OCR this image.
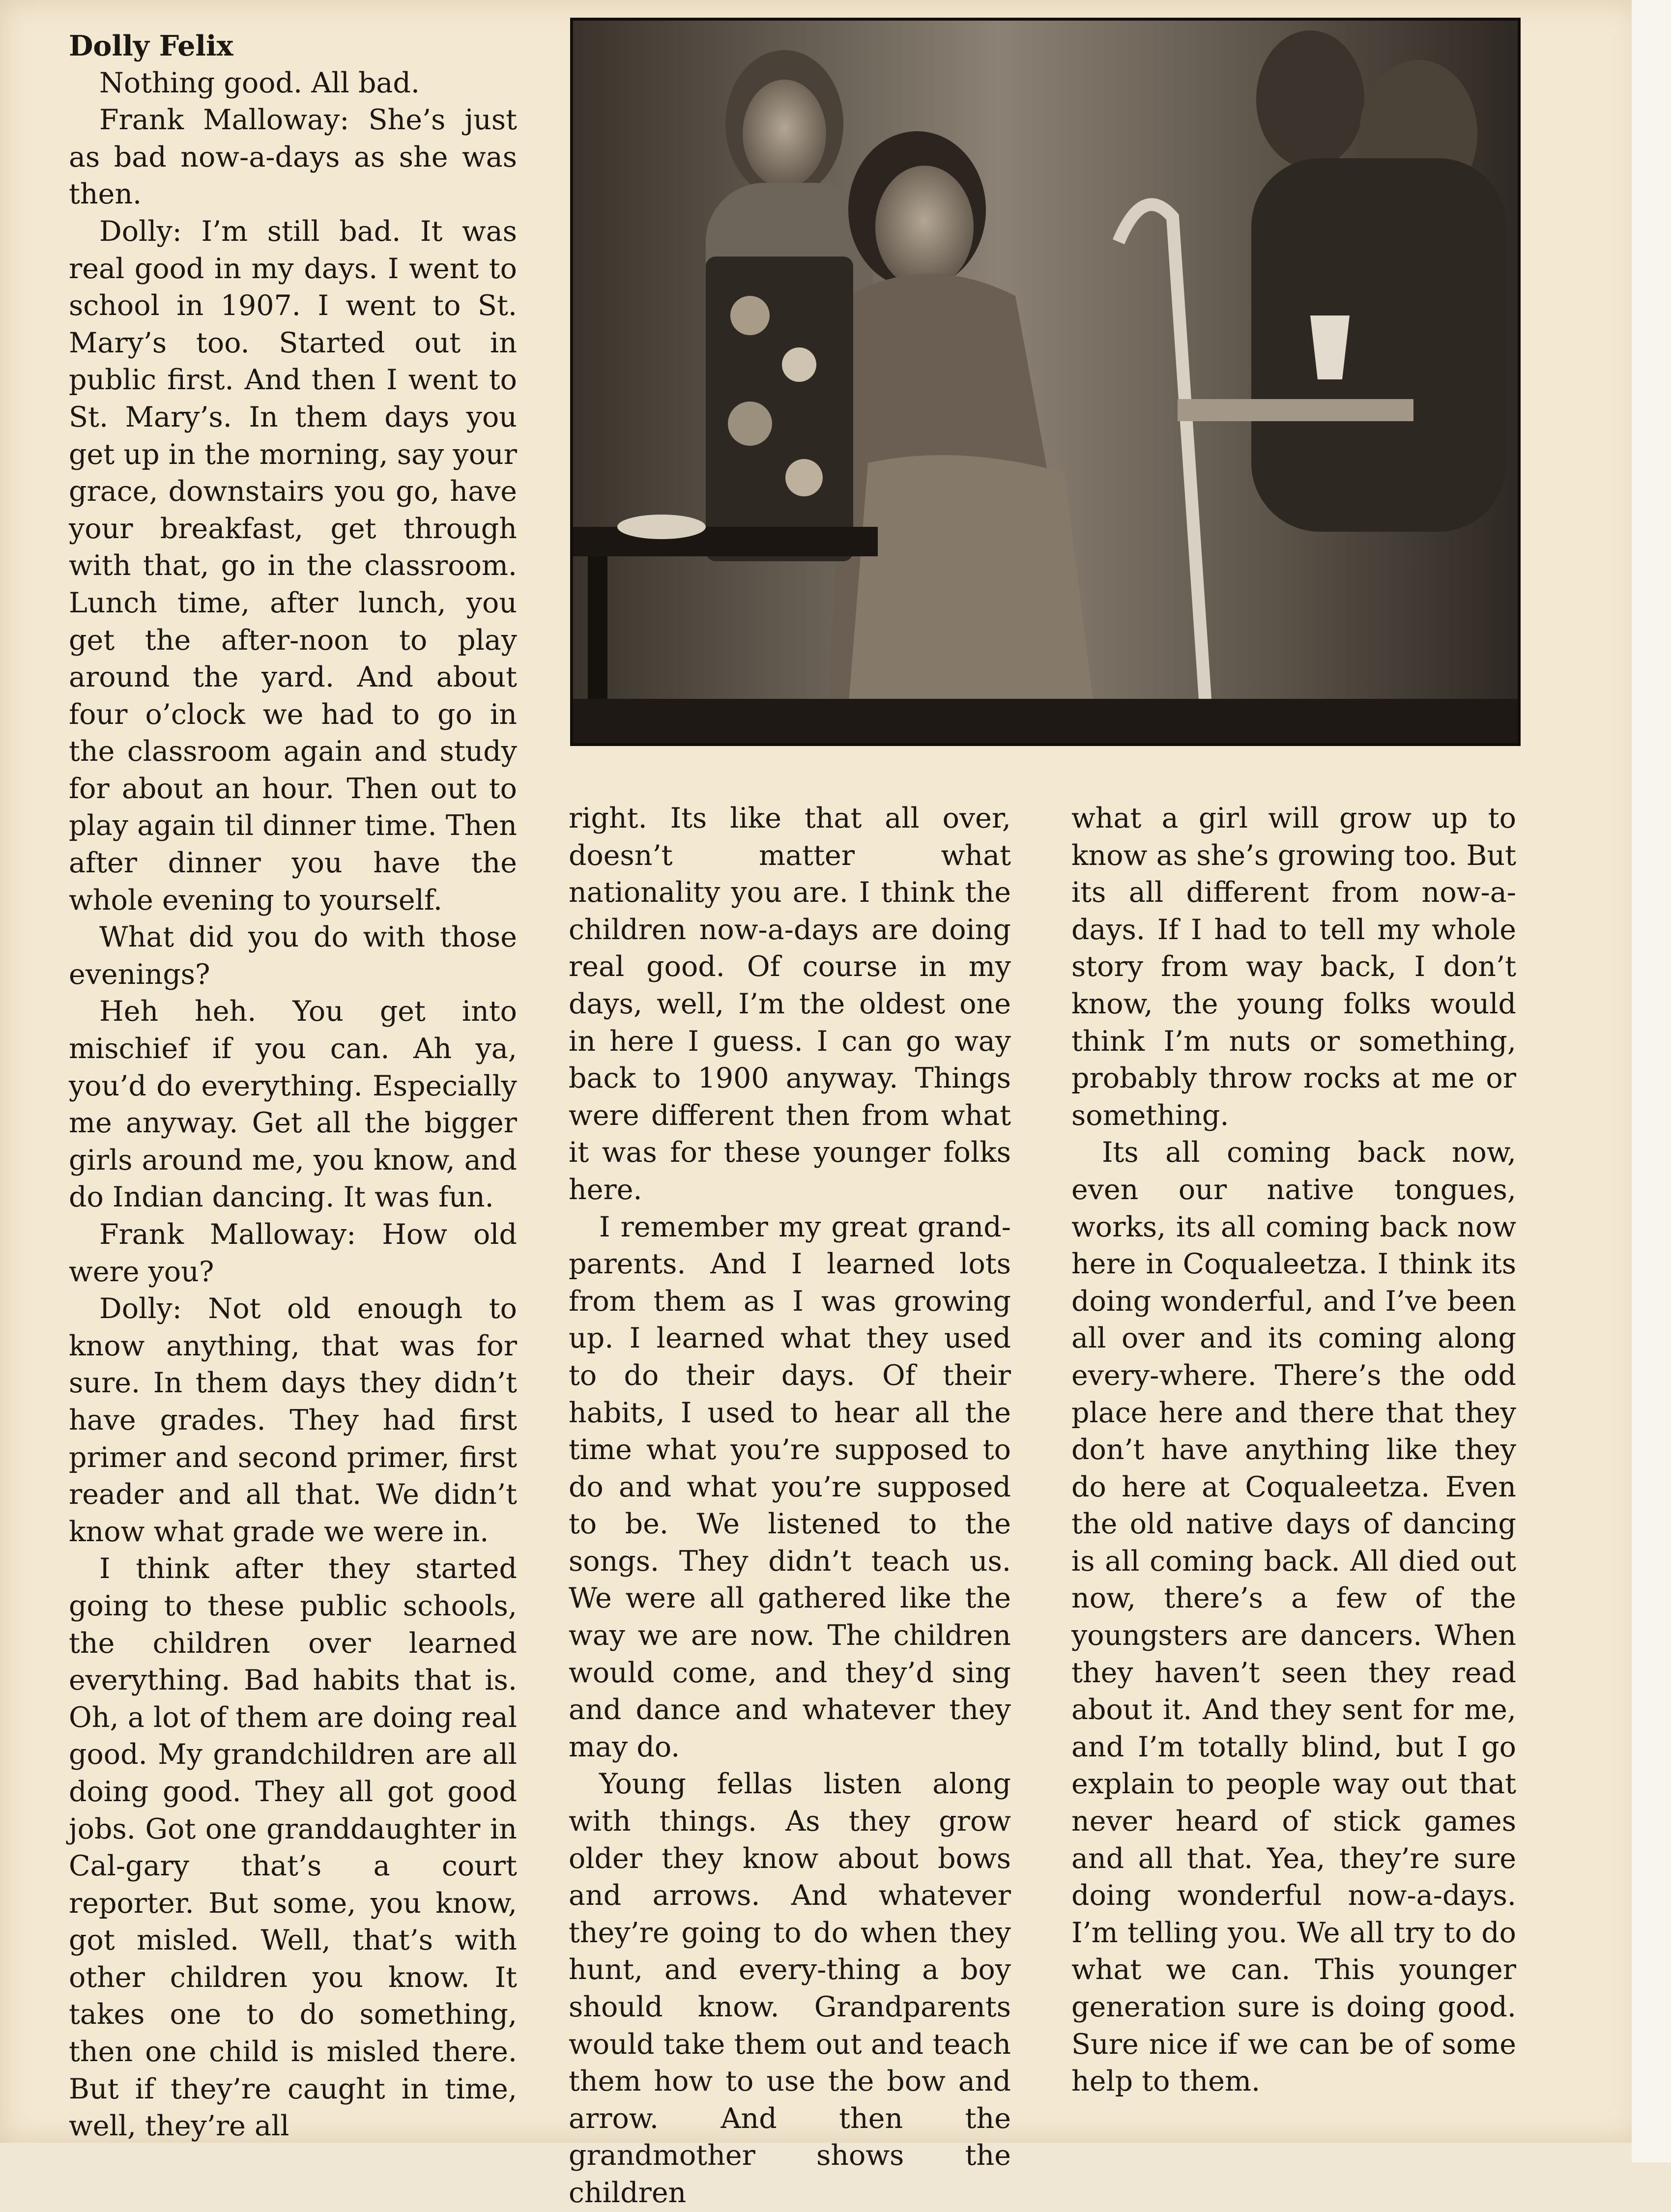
Dolly Felix

Nothing good. All bad.

Frank Malloway: She’s just as bad now-a-days as she was then.

Dolly: I’m still bad. It was real good in my days. I went to school in 1907. I went to St. Mary’s too. Started out in public first. And then I went to St. Mary’s. In them days you get up in the morning, say your grace, downstairs you go, have your breakfast, get through with that, go in the classroom. Lunch time, after lunch, you get the after-noon to play around the yard. And about four o’clock we had to go in the classroom again and study for about an hour. Then out to play again til dinner time. Then after dinner you have the whole evening to yourself.

What did you do with those evenings?

Heh heh. You get into mischief if you can. Ah ya, you’d do everything. Especially me anyway. Get all the bigger girls around me, you know, and do Indian dancing. It was fun.

Frank Malloway: How old were you?

Dolly: Not old enough to know anything, that was for sure. In them days they didn’t have grades. They had first primer and second primer, first reader and all that. We didn’t know what grade we were in.

I think after they started going to these public schools, the children over learned everything. Bad habits that is. Oh, a lot of them are doing real good. My grandchildren are all doing good. They all got good jobs. Got one granddaughter in Cal-gary that’s a court reporter. But some, you know, got misled. Well, that’s with other children you know. It takes one to do something, then one child is misled there. But if they’re caught in time, well, they’re all

right. Its like that all over, doesn’t matter what nationality you are. I think the children now-a-days are doing real good. Of course in my days, well, I’m the oldest one in here I guess. I can go way back to 1900 anyway. Things were different then from what it was for these younger folks here.

I remember my great grand-parents. And I learned lots from them as I was growing up. I learned what they used to do their days. Of their habits, I used to hear all the time what you’re supposed to do and what you’re supposed to be. We listened to the songs. They didn’t teach us. We were all gathered like the way we are now. The children would come, and they’d sing and dance and whatever they may do.

Young fellas listen along with things. As they grow older they know about bows and arrows. And whatever they’re going to do when they hunt, and every-thing a boy should know. Grandparents would take them out and teach them how to use the bow and arrow. And then the grandmother shows the children

what a girl will grow up to know as she’s growing too. But its all different from now-a-days. If I had to tell my whole story from way back, I don’t know, the young folks would think I’m nuts or something, probably throw rocks at me or something.

Its all coming back now, even our native tongues, works, its all coming back now here in Coqualeetza. I think its doing wonderful, and I’ve been all over and its coming along every-where. There’s the odd place here and there that they don’t have anything like they do here at Coqualeetza. Even the old native days of dancing is all coming back. All died out now, there’s a few of the youngsters are dancers. When they haven’t seen they read about it. And they sent for me, and I’m totally blind, but I go explain to people way out that never heard of stick games and all that. Yea, they’re sure doing wonderful now-a-days. I’m telling you. We all try to do what we can. This younger generation sure is doing good. Sure nice if we can be of some help to them.
